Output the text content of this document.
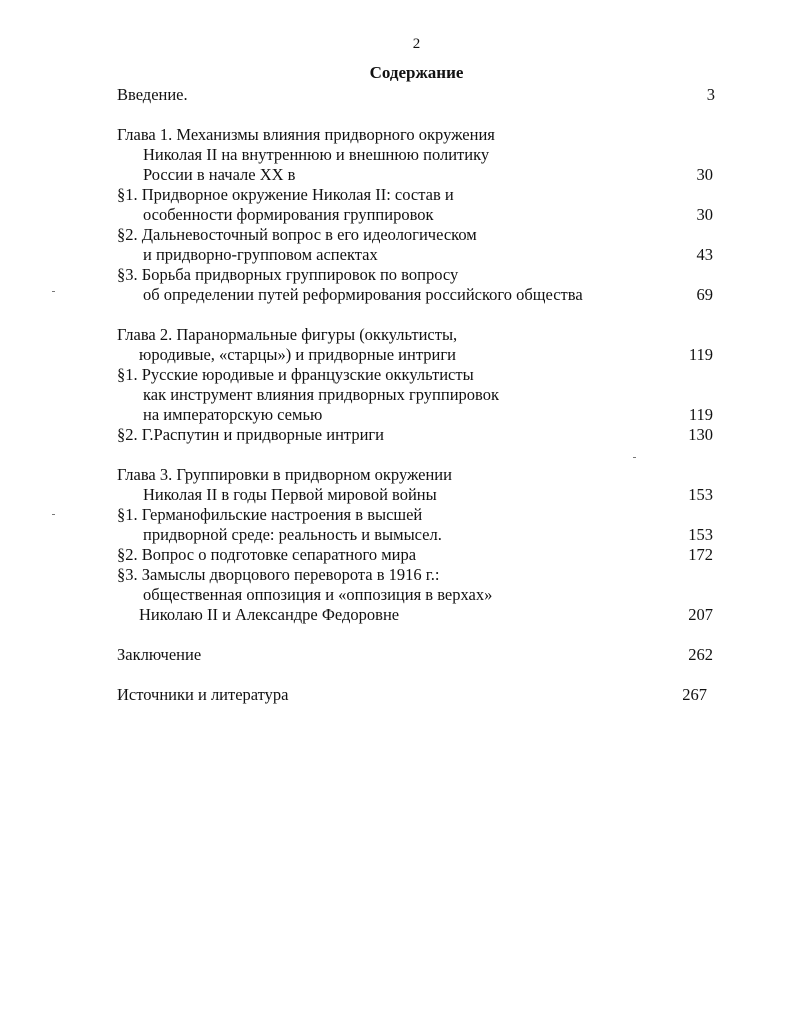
2
Содержание
Введение.	3
Глава 1. Механизмы влияния придворного окружения
Николая II на внутреннюю и внешнюю политику
России в начале XX в	30
§1. Придворное окружение Николая II: состав и
особенности формирования группировок	30
§2. Дальневосточный вопрос в его идеологическом
и придворно-групповом аспектах	43
§3. Борьба придворных группировок по вопросу
об определении путей реформирования российского общества	69
Глава 2. Паранормальные фигуры (оккультисты,
юродивые, «старцы») и придворные интриги	119
§1. Русские юродивые и французские оккультисты
как инструмент влияния придворных группировок
на императорскую семью	119
§2. Г.Распутин и придворные интриги	130
Глава 3. Группировки в придворном окружении
Николая II в годы Первой мировой войны	153
§1. Германофильские настроения в высшей
придворной среде: реальность и вымысел.	153
§2. Вопрос о подготовке сепаратного мира	172
§3. Замыслы дворцового переворота в 1916 г.:
общественная оппозиция и «оппозиция в верхах»
Николаю II и Александре Федоровне	207
Заключение	262
Источники и литература	267
